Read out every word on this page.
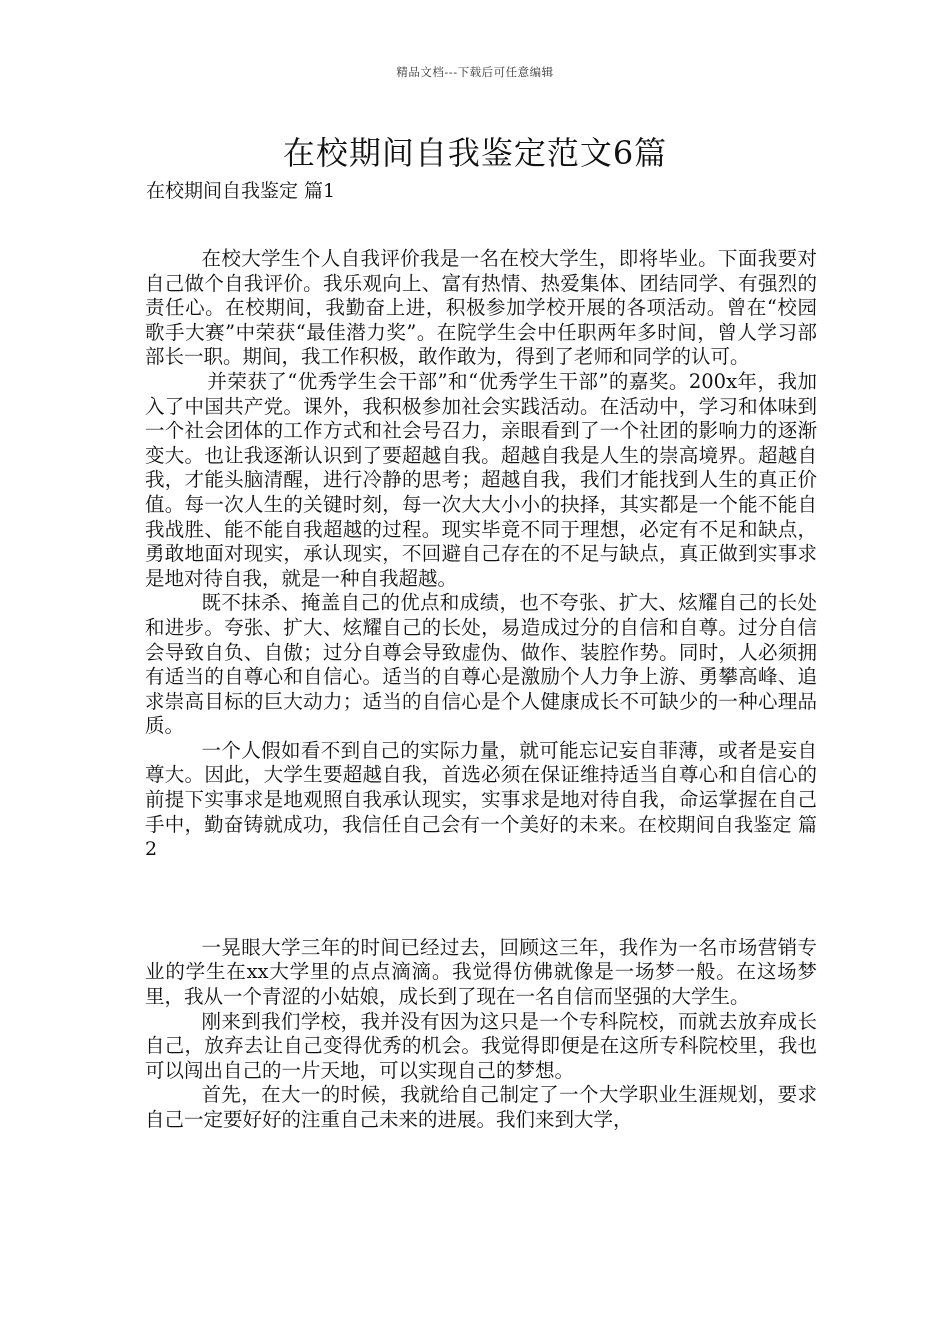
精品文档---下载后可任意编辑
在校期间自我鉴定范文6篇
在校期间自我鉴定 篇1

在校大学生个人自我评价我是一名在校大学生，即将毕业。下面我要对自己做个自我评价。我乐观向上、富有热情、热爱集体、团结同学、有强烈的责任心。在校期间，我勤奋上进，积极参加学校开展的各项活动。曾在“校园歌手大赛”中荣获“最佳潜力奖”。在院学生会中任职两年多时间，曾人学习部部长一职。期间，我工作积极，敢作敢为，得到了老师和同学的认可。

并荣获了“优秀学生会干部”和“优秀学生干部”的嘉奖。200x年，我加入了中国共产党。课外，我积极参加社会实践活动。在活动中，学习和体味到一个社会团体的工作方式和社会号召力，亲眼看到了一个社团的影响力的逐渐变大。也让我逐渐认识到了要超越自我。超越自我是人生的崇高境界。超越自我，才能头脑清醒，进行冷静的思考；超越自我，我们才能找到人生的真正价值。每一次人生的关键时刻，每一次大大小小的抉择，其实都是一个能不能自我战胜、能不能自我超越的过程。现实毕竟不同于理想，必定有不足和缺点，勇敢地面对现实，承认现实，不回避自己存在的不足与缺点，真正做到实事求是地对待自我，就是一种自我超越。

既不抹杀、掩盖自己的优点和成绩，也不夸张、扩大、炫耀自己的长处和进步。夸张、扩大、炫耀自己的长处，易造成过分的自信和自尊。过分自信会导致自负、自傲；过分自尊会导致虚伪、做作、装腔作势。同时，人必须拥有适当的自尊心和自信心。适当的自尊心是激励个人力争上游、勇攀高峰、追求崇高目标的巨大动力；适当的自信心是个人健康成长不可缺少的一种心理品质。

一个人假如看不到自己的实际力量，就可能忘记妄自菲薄，或者是妄自尊大。因此，大学生要超越自我，首选必须在保证维持适当自尊心和自信心的前提下实事求是地观照自我承认现实，实事求是地对待自我，命运掌握在自己手中，勤奋铸就成功，我信任自己会有一个美好的未来。在校期间自我鉴定 篇2

一晃眼大学三年的时间已经过去，回顾这三年，我作为一名市场营销专业的学生在xx大学里的点点滴滴。我觉得仿佛就像是一场梦一般。在这场梦里，我从一个青涩的小姑娘，成长到了现在一名自信而坚强的大学生。

刚来到我们学校，我并没有因为这只是一个专科院校，而就去放弃成长自己，放弃去让自己变得优秀的机会。我觉得即便是在这所专科院校里，我也可以闯出自己的一片天地，可以实现自己的梦想。

首先，在大一的时候，我就给自己制定了一个大学职业生涯规划，要求自己一定要好好的注重自己未来的进展。我们来到大学，
